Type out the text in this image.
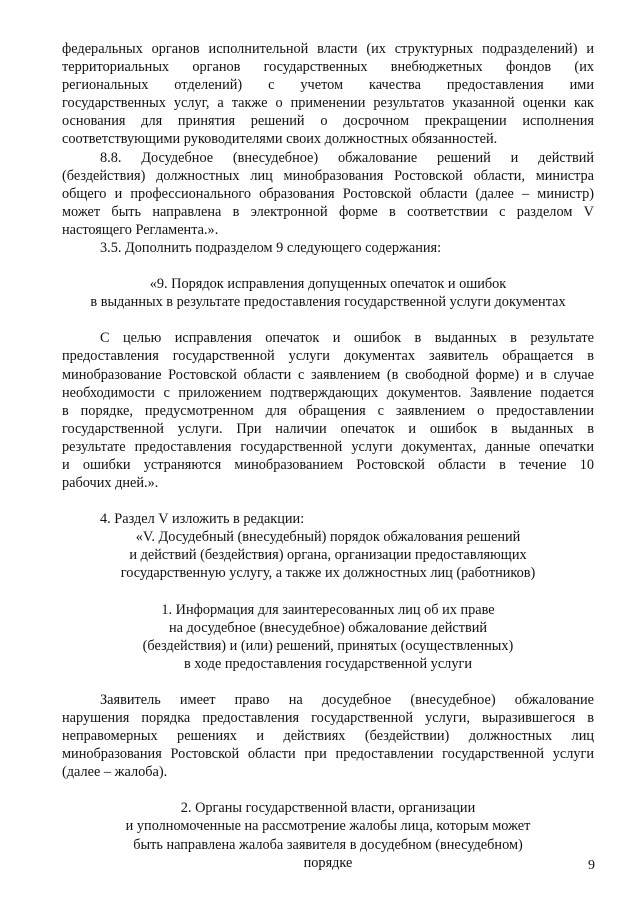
федеральных органов исполнительной власти (их структурных подразделений) и
территориальных органов государственных внебюджетных фондов (их
региональных отделений) с учетом качества предоставления ими
государственных услуг, а также о применении результатов указанной оценки как
основания для принятия решений о досрочном прекращении исполнения
соответствующими руководителями своих должностных обязанностей.
8.8. Досудебное (внесудебное) обжалование решений и действий
(бездействия) должностных лиц минобразования Ростовской области, министра
общего и профессионального образования Ростовской области (далее – министр)
может быть направлена в электронной форме в соответствии с разделом V
настоящего Регламента.».
3.5. Дополнить подразделом 9 следующего содержания:
«9. Порядок исправления допущенных опечаток и ошибок
в выданных в результате предоставления государственной услуги документах
С целью исправления опечаток и ошибок в выданных в результате
предоставления государственной услуги документах заявитель обращается в
минобразование Ростовской области с заявлением (в свободной форме) и в случае
необходимости с приложением подтверждающих документов. Заявление подается
в порядке, предусмотренном для обращения с заявлением о предоставлении
государственной услуги. При наличии опечаток и ошибок в выданных в
результате предоставления государственной услуги документах, данные опечатки
и ошибки устраняются минобразованием Ростовской области в течение 10
рабочих дней.».
4. Раздел V изложить в редакции:
«V. Досудебный (внесудебный) порядок обжалования решений
и действий (бездействия) органа, организации предоставляющих
государственную услугу, а также их должностных лиц (работников)
1. Информация для заинтересованных лиц об их праве
на досудебное (внесудебное) обжалование действий
(бездействия) и (или) решений, принятых (осуществленных)
в ходе предоставления государственной услуги
Заявитель имеет право на досудебное (внесудебное) обжалование
нарушения порядка предоставления государственной услуги, выразившегося в
неправомерных решениях и действиях (бездействии) должностных лиц
минобразования Ростовской области при предоставлении государственной услуги
(далее – жалоба).
2. Органы государственной власти, организации
и уполномоченные на рассмотрение жалобы лица, которым может
быть направлена жалоба заявителя в досудебном (внесудебном)
порядке	9
